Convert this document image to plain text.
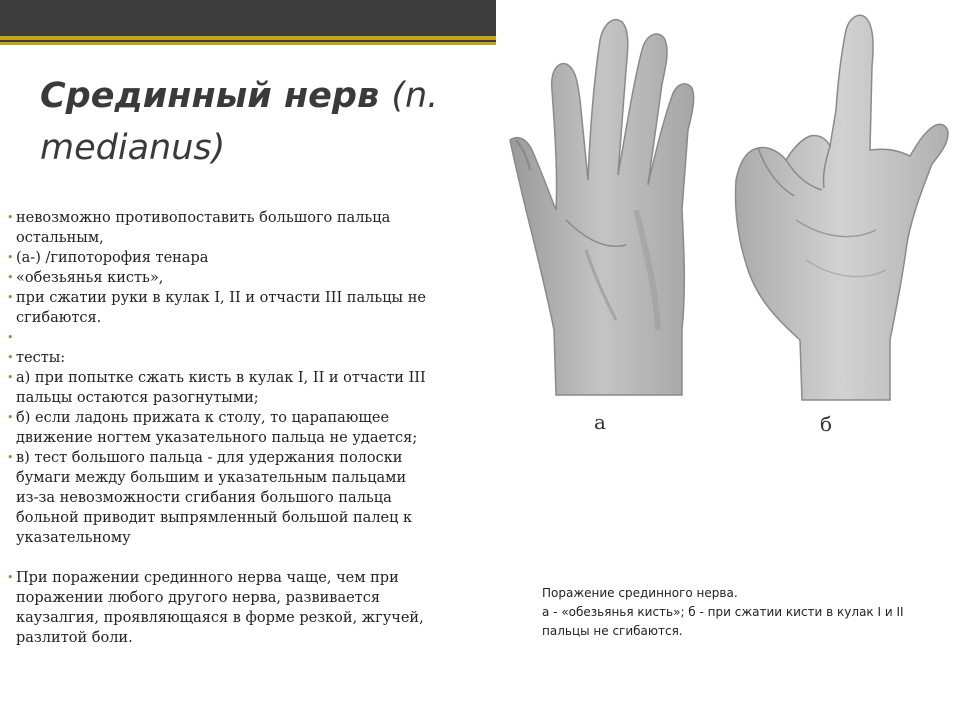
Срединный нерв (n. medianus)
• невозможно противопоставить большого пальца остальным,
• (а-) /гипоторофия тенара
• «обезьянья кисть»,
• при сжатии руки в кулак I, II и отчасти III пальцы не сгибаются.
•
• тесты:
• а) при попытке сжать кисть в кулак I, II и отчасти III пальцы остаются разогнутыми;
• б) если ладонь прижата к столу, то царапающее движение ногтем указательного пальца не удается;
• в) тест большого пальца - для удержания полоски бумаги между большим и указательным пальцами из-за невозможности сгибания большого пальца больной приводит выпрямленный большой палец к указательному
• При поражении срединного нерва чаще, чем при поражении любого другого нерва, развивается каузалгия, проявляющаяся в форме резкой, жгучей, разлитой боли.
а	б
Поражение срединного нерва.
а - «обезьянья кисть»; б - при сжатии кисти в кулак I и II
пальцы не сгибаются.
